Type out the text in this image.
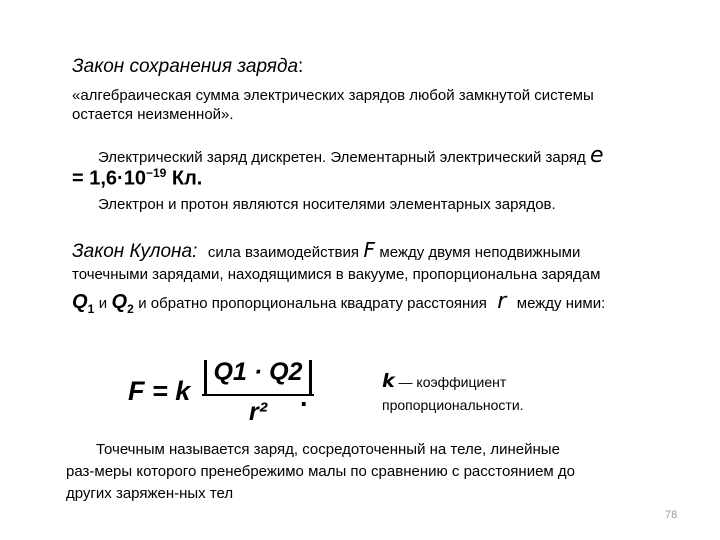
Закон сохранения заряда:
«алгебраическая сумма электрических зарядов любой замкнутой системы
остается неизменной».
Электрический заряд дискретен. Элементарный электрический заряд e
= $1,6\cdot 10^{-19}$ Кл.
Электрон и протон являются носителями элементарных зарядов.
Закон Кулона: сила взаимодействия F между двумя неподвижными
точечными зарядами, находящимися в вакууме, пропорциональна зарядам
$Q_1$ и $Q_2$ и обратно пропорциональна квадрату расстояния r между ними:
F = k
Q1 · Q2
r²	.
k — коэффициент
пропорциональности.
Точечным называется заряд, сосредоточенный на теле, линейные
раз-меры которого пренебрежимо малы по сравнению с расстоянием до
других заряжен-ных тел
78
